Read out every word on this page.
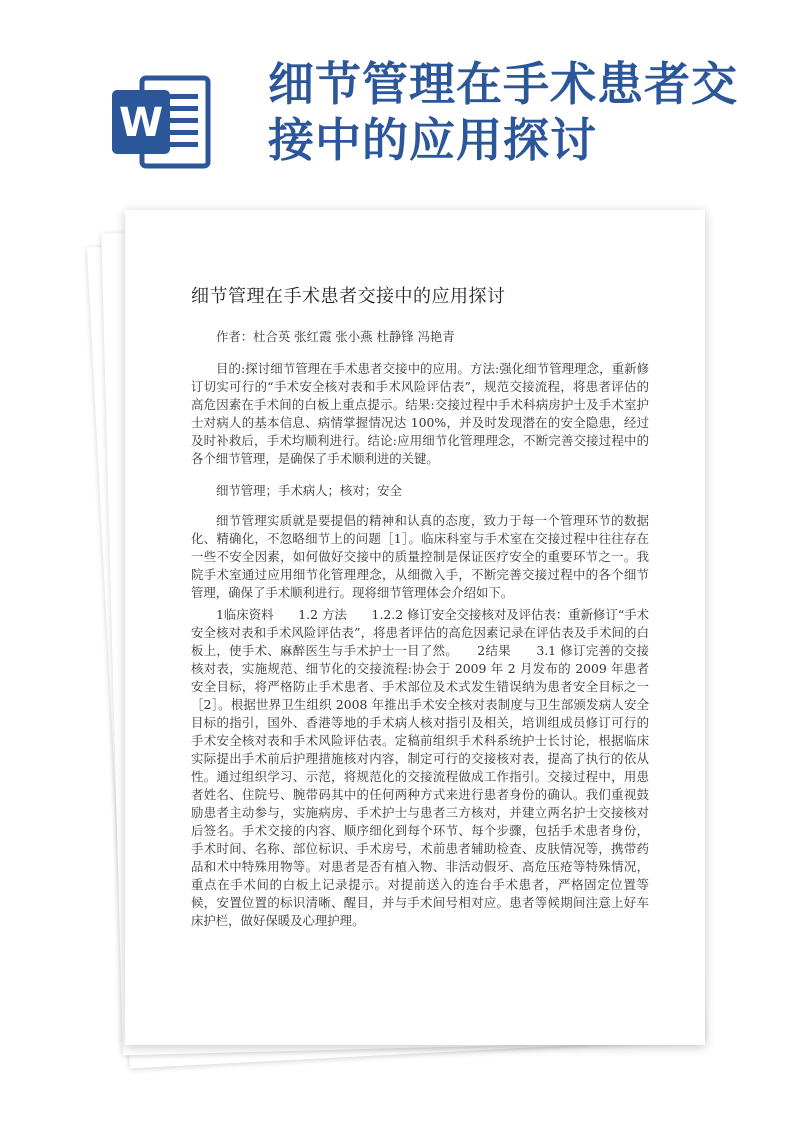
W
细节管理在手术患者交接中的应用探讨
细节管理在手术患者交接中的应用探讨

作者：杜合英 张红霞 张小燕 杜静锋 冯艳青

目的:探讨细节管理在手术患者交接中的应用。方法:强化细节管理理念，重新修订切实可行的“手术安全核对表和手术风险评估表”，规范交接流程，将患者评估的高危因素在手术间的白板上重点提示。结果:交接过程中手术科病房护士及手术室护士对病人的基本信息、病情掌握情况达 100%，并及时发现潜在的安全隐患，经过及时补救后，手术均顺利进行。结论:应用细节化管理理念，不断完善交接过程中的各个细节管理，是确保了手术顺利进的关键。

细节管理；手术病人；核对；安全

细节管理实质就是要提倡的精神和认真的态度，致力于每一个管理环节的数据化、精确化，不忽略细节上的问题［1］。临床科室与手术室在交接过程中往往存在一些不安全因素，如何做好交接中的质量控制是保证医疗安全的重要环节之一。我院手术室通过应用细节化管理理念，从细微入手，不断完善交接过程中的各个细节管理，确保了手术顺利进行。现将细节管理体会介绍如下。

1临床资料　　1.2 方法　　1.2.2 修订安全交接核对及评估表：重新修订“手术安全核对表和手术风险评估表”，将患者评估的高危因素记录在评估表及手术间的白板上，使手术、麻醉医生与手术护士一目了然。　　2结果　　3.1 修订完善的交接核对表，实施规范、细节化的交接流程:协会于 2009 年 2 月发布的 2009 年患者安全目标，将严格防止手术患者、手术部位及术式发生错误纳为患者安全目标之一［2］。根据世界卫生组织 2008 年推出手术安全核对表制度与卫生部颁发病人安全目标的指引，国外、香港等地的手术病人核对指引及相关，培训组成员修订可行的手术安全核对表和手术风险评估表。定稿前组织手术科系统护士长讨论，根据临床实际提出手术前后护理措施核对内容，制定可行的交接核对表，提高了执行的依从性。通过组织学习、示范，将规范化的交接流程做成工作指引。交接过程中，用患者姓名、住院号、腕带码其中的任何两种方式来进行患者身份的确认。我们重视鼓励患者主动参与，实施病房、手术护士与患者三方核对，并建立两名护士交接核对后签名。手术交接的内容、顺序细化到每个环节、每个步骤，包括手术患者身份，手术时间、名称、部位标识、手术房号，术前患者辅助检查、皮肤情况等，携带药品和术中特殊用物等。对患者是否有植入物、非活动假牙、高危压疮等特殊情况，重点在手术间的白板上记录提示。对提前送入的连台手术患者，严格固定位置等候，安置位置的标识清晰、醒目，并与手术间号相对应。患者等候期间注意上好车床护栏，做好保暖及心理护理。
